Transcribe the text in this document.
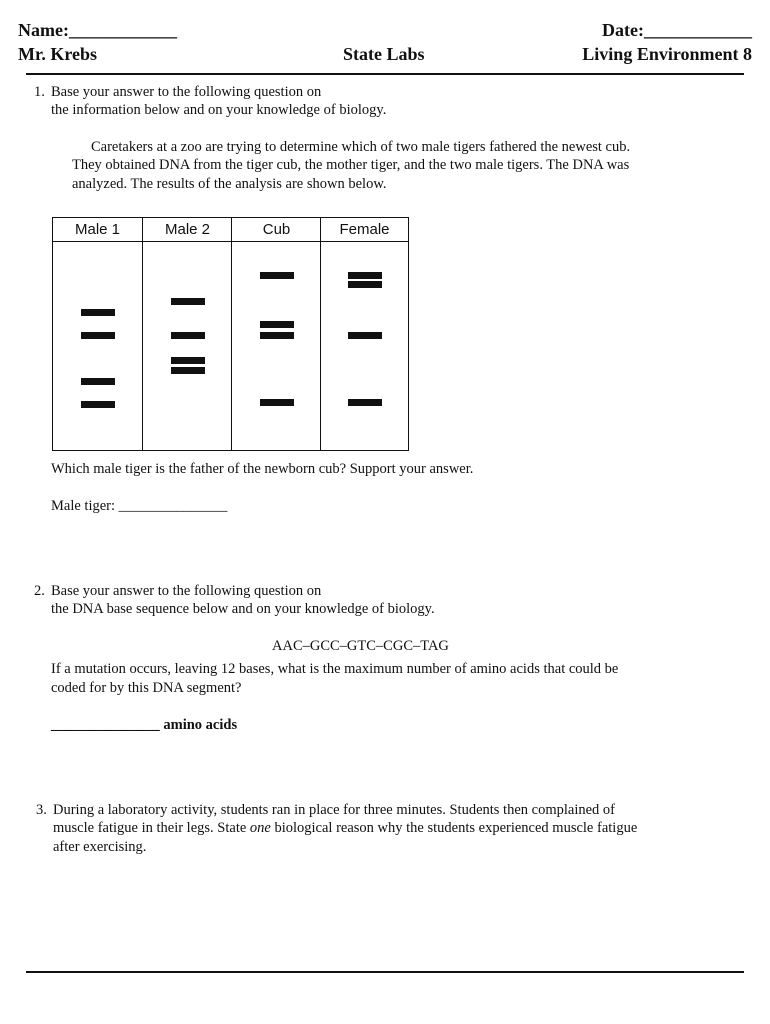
Name:____________	Date:____________
Mr. Krebs	State Labs	Living Environment 8
1. Base your answer to the following question on
the information below and on your knowledge of biology.
Caretakers at a zoo are trying to determine which of two male tigers fathered the newest cub.
They obtained DNA from the tiger cub, the mother tiger, and the two male tigers. The DNA was
analyzed. The results of the analysis are shown below.
Male 1	Male 2	Cub	Female
Which male tiger is the father of the newborn cub? Support your answer.
Male tiger: _______________
2. Base your answer to the following question on
the DNA base sequence below and on your knowledge of biology.
AAC–GCC–GTC–CGC–TAG
If a mutation occurs, leaving 12 bases, what is the maximum number of amino acids that could be
coded for by this DNA segment?
_______________ amino acids
3. During a laboratory activity, students ran in place for three minutes. Students then complained of
muscle fatigue in their legs. State one biological reason why the students experienced muscle fatigue
after exercising.
